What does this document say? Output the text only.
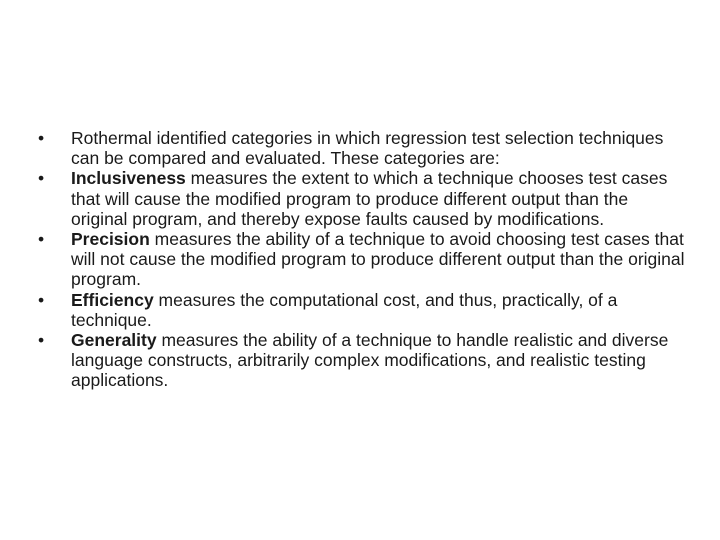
•	Rothermal identified categories in which regression test selection techniques can be compared and evaluated. These categories are:
•	Inclusiveness measures the extent to which a technique chooses test cases that will cause the modified program to produce different output than the original program, and thereby expose faults caused by modifications.
•	Precision measures the ability of a technique to avoid choosing test cases that will not cause the modified program to produce different output than the original program.
•	Efficiency measures the computational cost, and thus, practically, of a technique.
•	Generality measures the ability of a technique to handle realistic and diverse language constructs, arbitrarily complex modifications, and realistic testing applications.
